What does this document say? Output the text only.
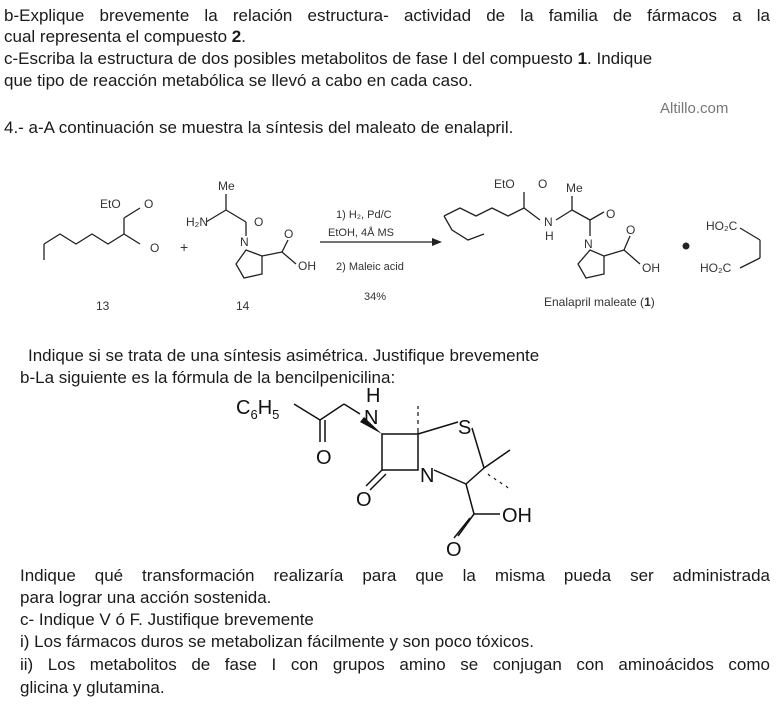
Altillo.com
b-Explique brevemente la relación estructura- actividad de la familia de fármacos a la
cual representa el compuesto 2.
c-Escriba la estructura de dos posibles metabolitos de fase I del compuesto 1. Indique
que tipo de reacción metabólica se llevó a cabo en cada caso.
4.- a-A continuación se muestra la síntesis del maleato de enalapril.
EtO O
O +
Me
H₂N	O
N
O
OH
1) H₂, Pd/C
EtOH, 4Å MS
2) Maleic acid
34%
EtO O Me
O
N
H	O
N
OH
HO₂C
HO₂C
13	14	Enalapril maleate (1)
Indique si se trata de una síntesis asimétrica. Justifique brevemente
b-La siguiente es la fórmula de la bencilpenicilina:
$C_6H_5$
H
N
O
S
N
O
OH
O
Indique qué transformación realizaría para que la misma pueda ser administrada
para lograr una acción sostenida.
c- Indique V ó F. Justifique brevemente
i) Los fármacos duros se metabolizan fácilmente y son poco tóxicos.
ii) Los metabolitos de fase I con grupos amino se conjugan con aminoácidos como
glicina y glutamina.
